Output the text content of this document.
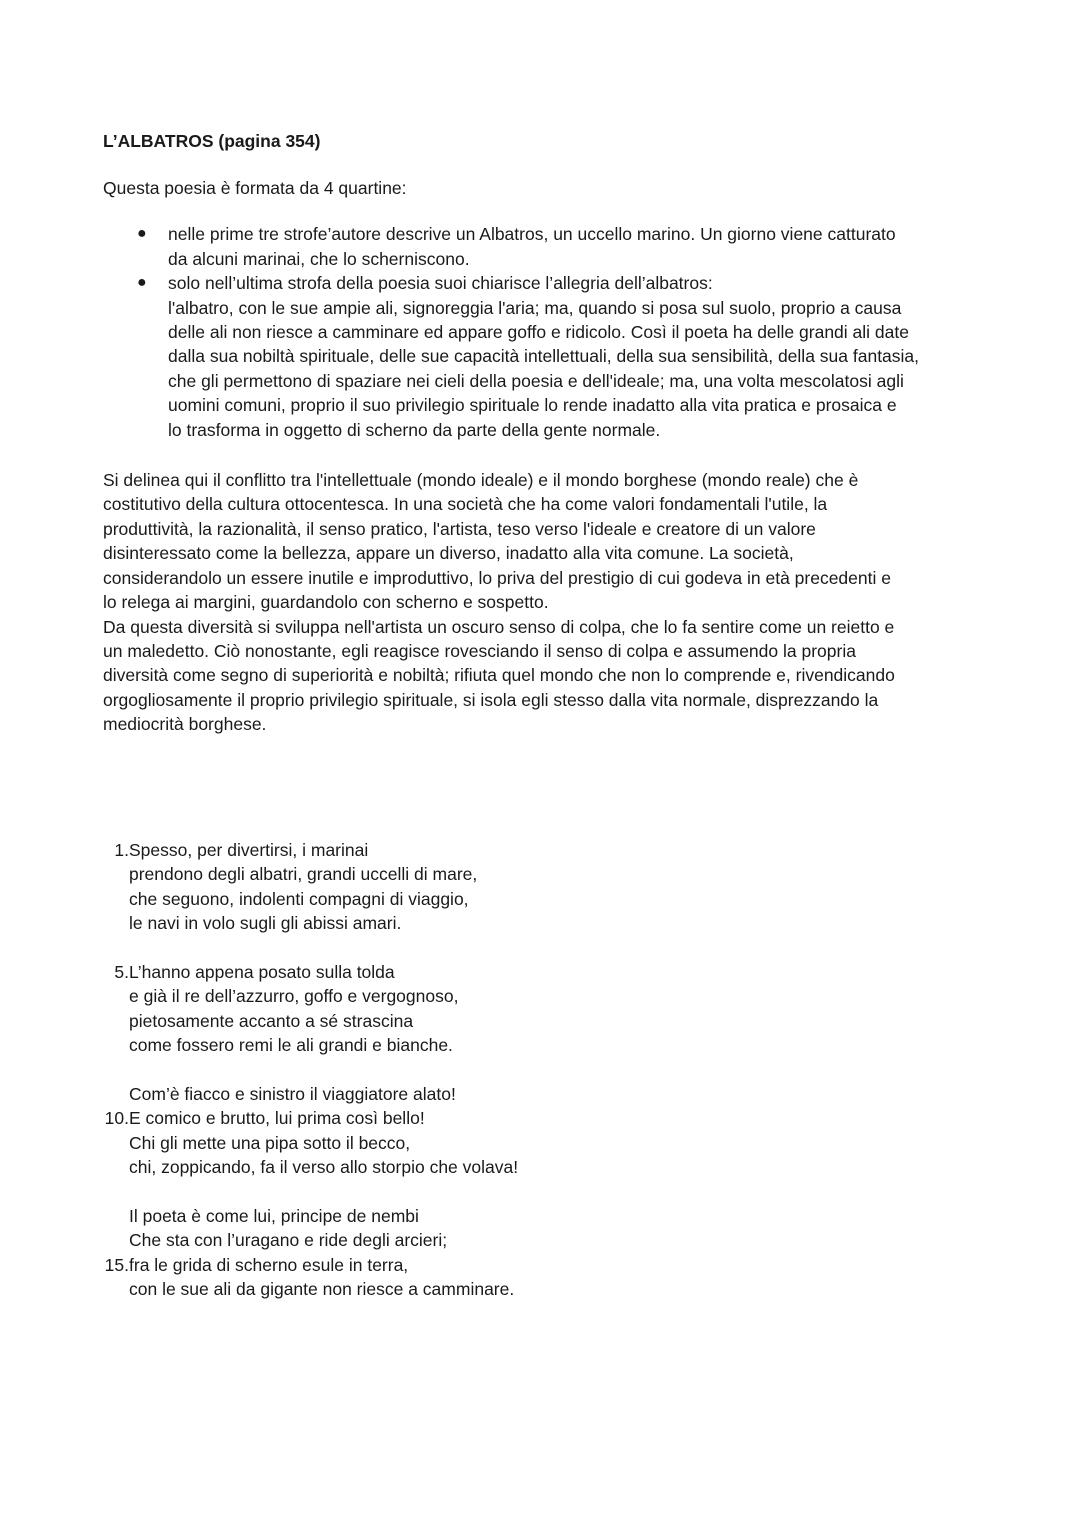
L’ALBATROS (pagina 354)

Questa poesia è formata da 4 quartine:

● nelle prime tre strofe’autore descrive un Albatros, un uccello marino. Un giorno viene catturato
da alcuni marinai, che lo scherniscono.
● solo nell’ultima strofa della poesia suoi chiarisce l’allegria dell’albatros:
l'albatro, con le sue ampie ali, signoreggia l'aria; ma, quando si posa sul suolo, proprio a causa
delle ali non riesce a camminare ed appare goffo e ridicolo. Così il poeta ha delle grandi ali date
dalla sua nobiltà spirituale, delle sue capacità intellettuali, della sua sensibilità, della sua fantasia,
che gli permettono di spaziare nei cieli della poesia e dell'ideale; ma, una volta mescolatosi agli
uomini comuni, proprio il suo privilegio spirituale lo rende inadatto alla vita pratica e prosaica e
lo trasforma in oggetto di scherno da parte della gente normale.
Si delinea qui il conflitto tra l'intellettuale (mondo ideale) e il mondo borghese (mondo reale) che è
costitutivo della cultura ottocentesca. In una società che ha come valori fondamentali l'utile, la
produttività, la razionalità, il senso pratico, l'artista, teso verso l'ideale e creatore di un valore
disinteressato come la bellezza, appare un diverso, inadatto alla vita comune. La società,
considerandolo un essere inutile e improduttivo, lo priva del prestigio di cui godeva in età precedenti e
lo relega ai margini, guardandolo con scherno e sospetto.
Da questa diversità si sviluppa nell'artista un oscuro senso di colpa, che lo fa sentire come un reietto e
un maledetto. Ciò nonostante, egli reagisce rovesciando il senso di colpa e assumendo la propria
diversità come segno di superiorità e nobiltà; rifiuta quel mondo che non lo comprende e, rivendicando
orgogliosamente il proprio privilegio spirituale, si isola egli stesso dalla vita normale, disprezzando la
mediocrità borghese.
1. Spesso, per divertirsi, i marinai
prendono degli albatri, grandi uccelli di mare,
che seguono, indolenti compagni di viaggio,
le navi in volo sugli gli abissi amari.
5. L’hanno appena posato sulla tolda
e già il re dell’azzurro, goffo e vergognoso,
pietosamente accanto a sé strascina
come fossero remi le ali grandi e bianche.
Com’è fiacco e sinistro il viaggiatore alato!
10. E comico e brutto, lui prima così bello!
Chi gli mette una pipa sotto il becco,
chi, zoppicando, fa il verso allo storpio che volava!
Il poeta è come lui, principe de nembi
Che sta con l’uragano e ride degli arcieri;
15. fra le grida di scherno esule in terra,
con le sue ali da gigante non riesce a camminare.
